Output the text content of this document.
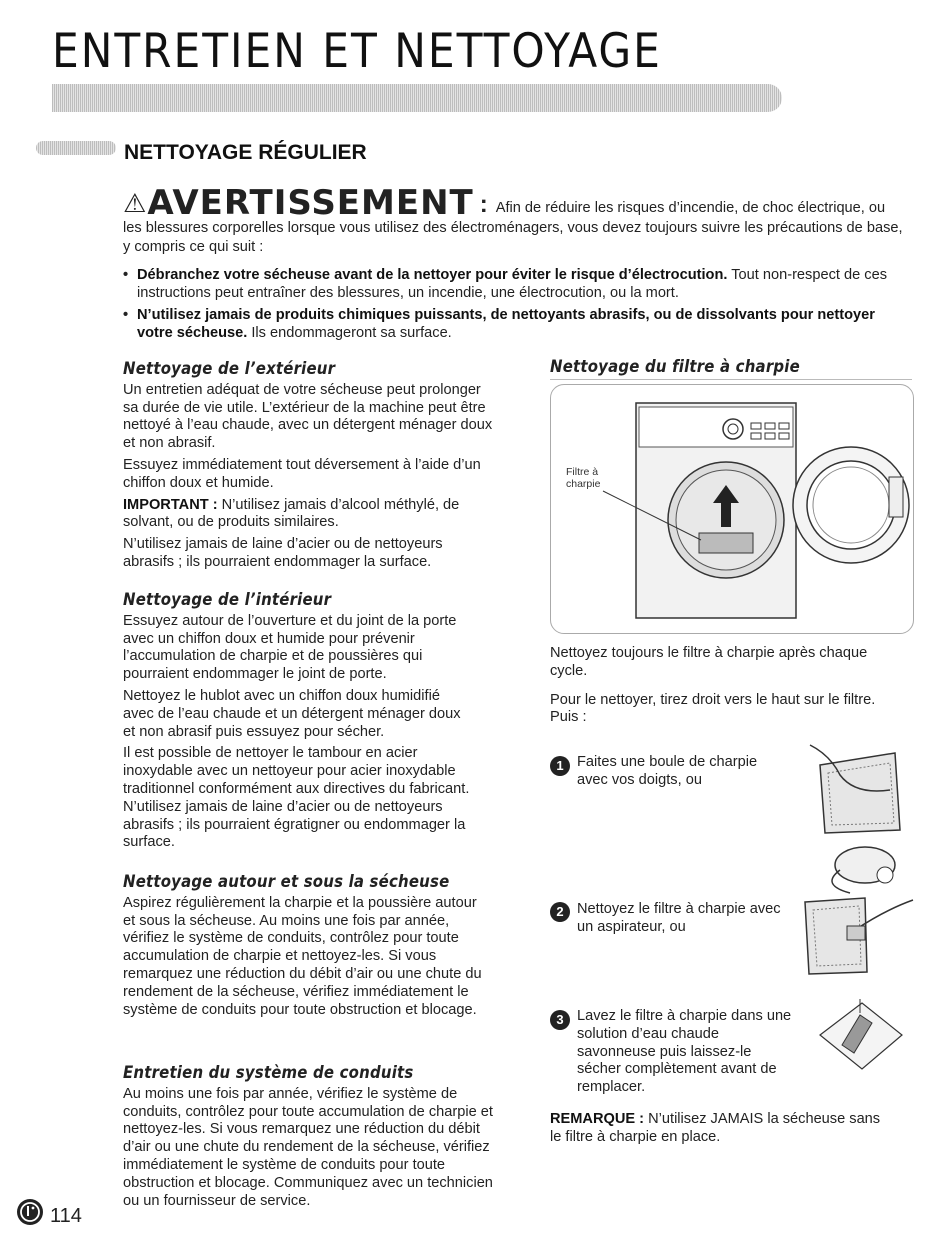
ENTRETIEN ET NETTOYAGE
NETTOYAGE RÉGULIER
⚠AVERTISSEMENT : Afin de réduire les risques d’incendie, de choc électrique, ou les blessures corporelles lorsque vous utilisez des électroménagers, vous devez toujours suivre les précautions de base, y compris ce qui suit :
• Débranchez votre sécheuse avant de la nettoyer pour éviter le risque d’électrocution. Tout non-respect de ces instructions peut entraîner des blessures, un incendie, une électrocution, ou la mort.
• N’utilisez jamais de produits chimiques puissants, de nettoyants abrasifs, ou de dissolvants pour nettoyer votre sécheuse. Ils endommageront sa surface.
Nettoyage de l’extérieur

Un entretien adéquat de votre sécheuse peut prolonger sa durée de vie utile. L’extérieur de la machine peut être nettoyé à l’eau chaude, avec un détergent ménager doux et non abrasif.

Essuyez immédiatement tout déversement à l’aide d’un chiffon doux et humide.

IMPORTANT : N’utilisez jamais d’alcool méthylé, de solvant, ou de produits similaires.

N’utilisez jamais de laine d’acier ou de nettoyeurs abrasifs ; ils pourraient endommager la surface.

Nettoyage de l’intérieur

Essuyez autour de l’ouverture et du joint de la porte avec un chiffon doux et humide pour prévenir l’accumulation de charpie et de poussières qui pourraient endommager le joint de porte.

Nettoyez le hublot avec un chiffon doux humidifié avec de l’eau chaude et un détergent ménager doux et non abrasif puis essuyez pour sécher.

Il est possible de nettoyer le tambour en acier inoxydable avec un nettoyeur pour acier inoxydable traditionnel conformément aux directives du fabricant. N’utilisez jamais de laine d’acier ou de nettoyeurs abrasifs ; ils pourraient égratigner ou endommager la surface.

Nettoyage autour et sous la sécheuse

Aspirez régulièrement la charpie et la poussière autour et sous la sécheuse. Au moins une fois par année, vérifiez le système de conduits, contrôlez pour toute accumulation de charpie et nettoyez-les. Si vous remarquez une réduction du débit d’air ou une chute du rendement de la sécheuse, vérifiez immédiatement le système de conduits pour toute obstruction et blocage.

Entretien du système de conduits

Au moins une fois par année, vérifiez le système de conduits, contrôlez pour toute accumulation de charpie et nettoyez-les. Si vous remarquez une réduction du débit d’air ou une chute du rendement de la sécheuse, vérifiez immédiatement le système de conduits pour toute obstruction et blocage. Communiquez avec un technicien ou un fournisseur de service.

Nettoyage du filtre à charpie
Filtre à charpie

Nettoyez toujours le filtre à charpie après chaque cycle.

Pour le nettoyer, tirez droit vers le haut sur le filtre. Puis :

1 Faites une boule de charpie avec vos doigts, ou
2 Nettoyez le filtre à charpie avec un aspirateur, ou
3 Lavez le filtre à charpie dans une solution d’eau chaude savonneuse puis laissez-le sécher complètement avant de remplacer.
REMARQUE : N’utilisez JAMAIS la sécheuse sans le filtre à charpie en place.
114
